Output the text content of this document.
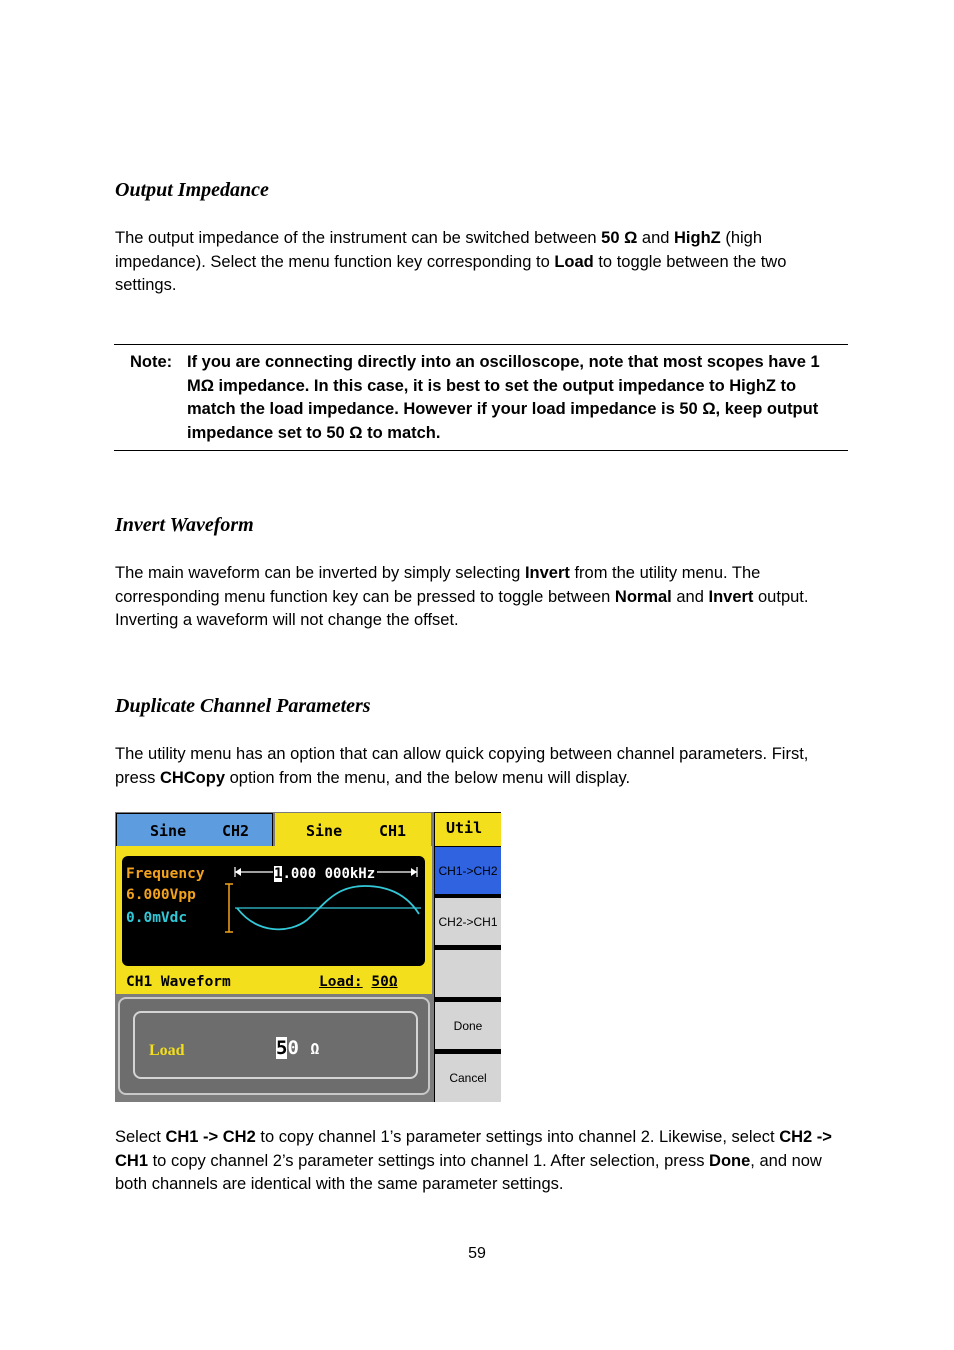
Output Impedance
The output impedance of the instrument can be switched between 50 Ω and HighZ (high impedance). Select the menu function key corresponding to Load to toggle between the two settings.
Note: If you are connecting directly into an oscilloscope, note that most scopes have 1 MΩ impedance. In this case, it is best to set the output impedance to HighZ to match the load impedance. However if your load impedance is 50 Ω, keep output impedance set to 50 Ω to match.
Invert Waveform
The main waveform can be inverted by simply selecting Invert from the utility menu. The corresponding menu function key can be pressed to toggle between Normal and Invert output. Inverting a waveform will not change the offset.
Duplicate Channel Parameters
The utility menu has an option that can allow quick copying between channel parameters. First, press CHCopy option from the menu, and the below menu will display.
Sine CH2	Sine CH1
Frequency
6.000Vpp
0.0mVdc
1.000 000kHz
CH1 Waveform	Load: 50Ω
Load	50 Ω
Util
CH1->CH2
CH2->CH1
Done
Cancel
Select CH1 -> CH2 to copy channel 1’s parameter settings into channel 2. Likewise, select CH2 -> CH1 to copy channel 2’s parameter settings into channel 1. After selection, press Done, and now both channels are identical with the same parameter settings.
59
